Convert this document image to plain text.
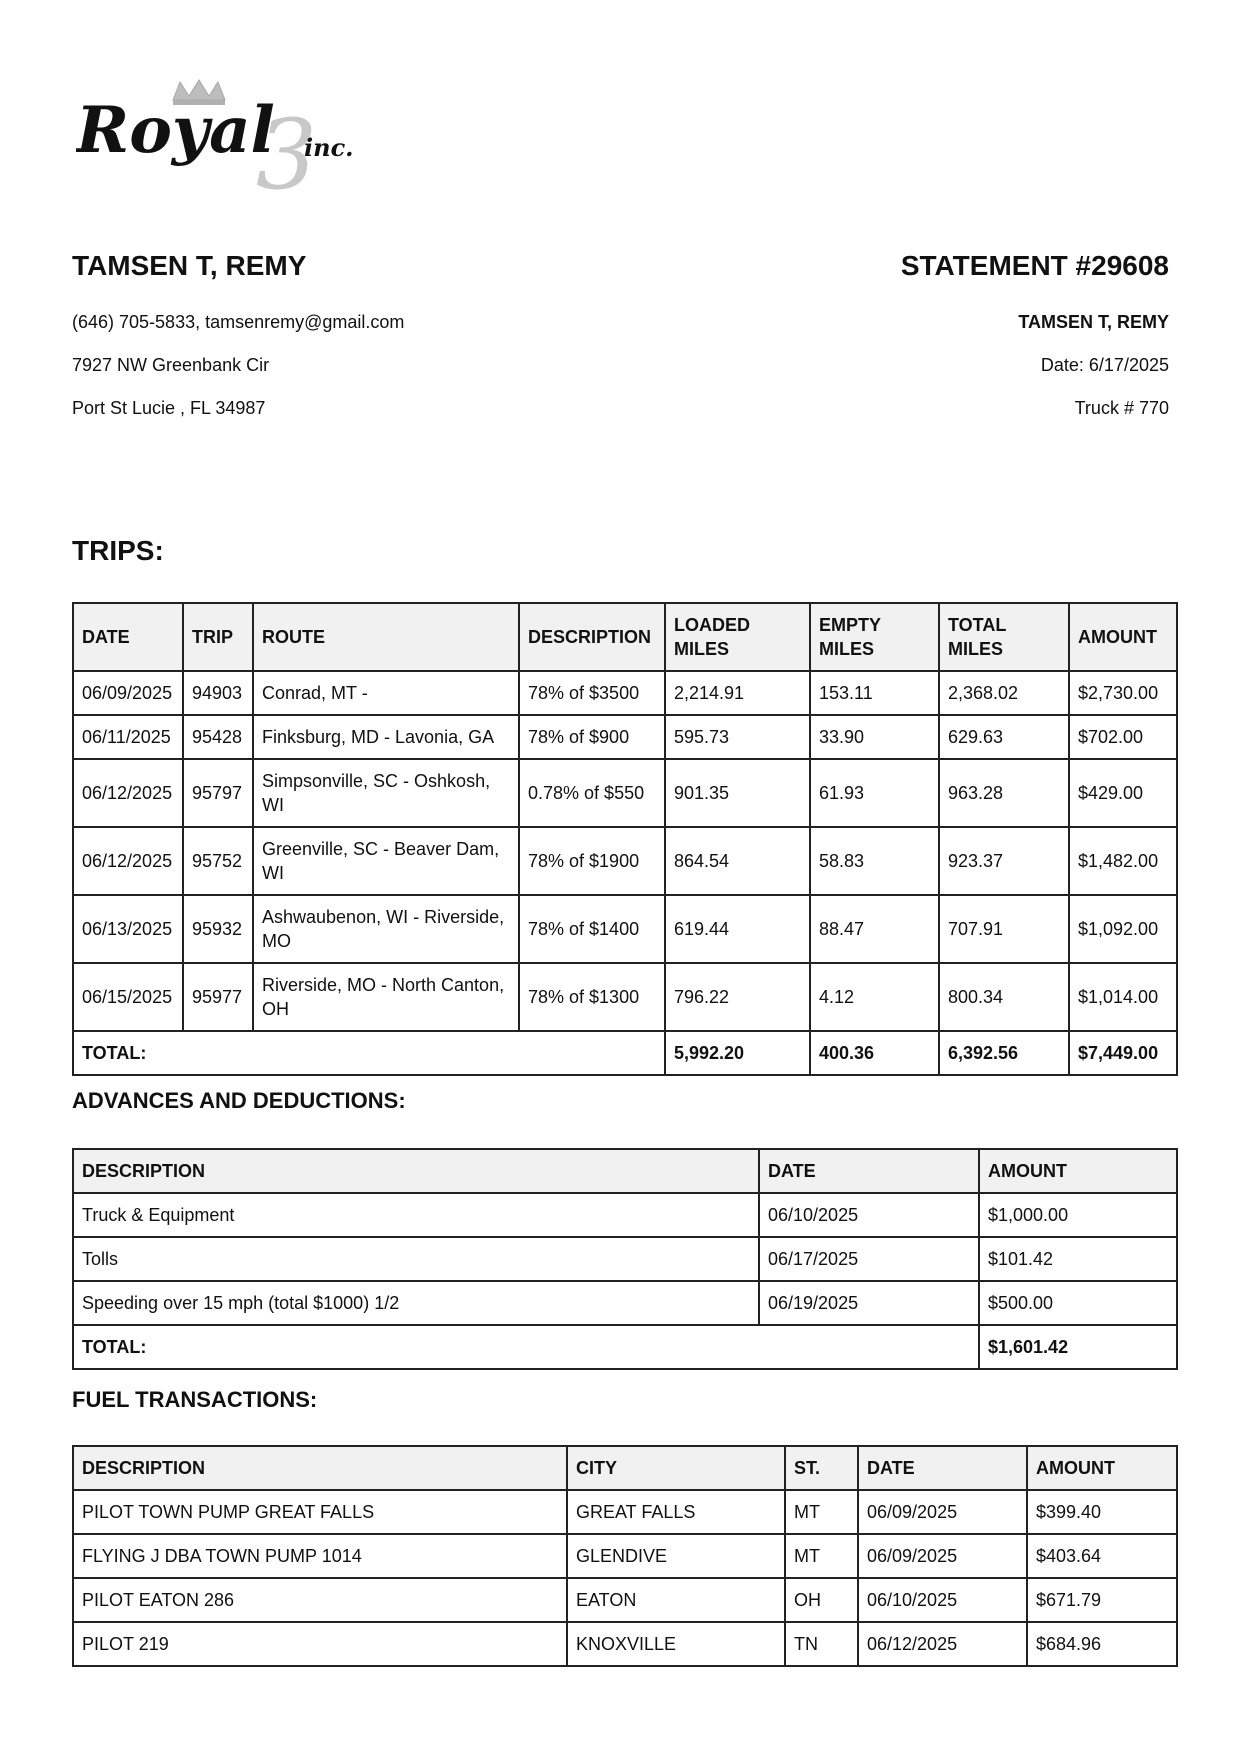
3
Royal inc.
TAMSEN T, REMY	STATEMENT #29608
(646) 705-5833, tamsenremy@gmail.com
7927 NW Greenbank Cir
Port St Lucie , FL 34987
TAMSEN T, REMY
Date: 6/17/2025
Truck # 770
TRIPS:
DATE	TRIP	ROUTE	DESCRIPTION	LOADED MILES	EMPTY MILES	TOTAL MILES	AMOUNT
06/09/2025	94903	Conrad, MT -	78% of $3500	2,214.91	153.11	2,368.02	$2,730.00
06/11/2025	95428	Finksburg, MD - Lavonia, GA	78% of $900	595.73	33.90	629.63	$702.00
06/12/2025	95797	Simpsonville, SC - Oshkosh, WI	0.78% of $550	901.35	61.93	963.28	$429.00
06/12/2025	95752	Greenville, SC - Beaver Dam, WI	78% of $1900	864.54	58.83	923.37	$1,482.00
06/13/2025	95932	Ashwaubenon, WI - Riverside, MO	78% of $1400	619.44	88.47	707.91	$1,092.00
06/15/2025	95977	Riverside, MO - North Canton, OH	78% of $1300	796.22	4.12	800.34	$1,014.00
TOTAL:				5,992.20	400.36	6,392.56	$7,449.00
ADVANCES AND DEDUCTIONS:
DESCRIPTION	DATE	AMOUNT
Truck & Equipment	06/10/2025	$1,000.00
Tolls	06/17/2025	$101.42
Speeding over 15 mph (total $1000) 1/2	06/19/2025	$500.00
TOTAL:		$1,601.42
FUEL TRANSACTIONS:
DESCRIPTION	CITY	ST.	DATE	AMOUNT
PILOT TOWN PUMP GREAT FALLS	GREAT FALLS	MT	06/09/2025	$399.40
FLYING J DBA TOWN PUMP 1014	GLENDIVE	MT	06/09/2025	$403.64
PILOT EATON 286	EATON	OH	06/10/2025	$671.79
PILOT 219	KNOXVILLE	TN	06/12/2025	$684.96
